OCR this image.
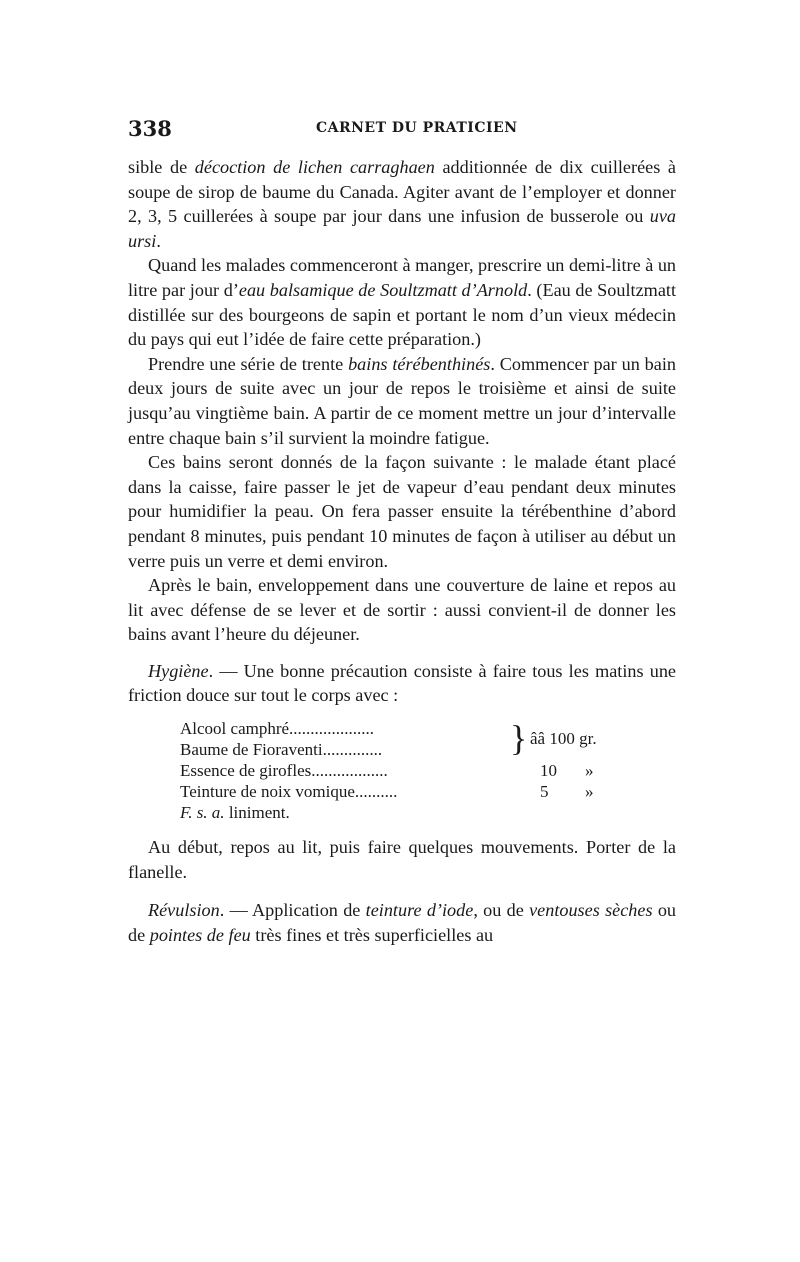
338	CARNET DU PRATICIEN

sible de décoction de lichen carraghaen additionnée de dix cuillerées à soupe de sirop de baume du Canada. Agiter avant de l’employer et donner 2, 3, 5 cuillerées à soupe par jour dans une infusion de busserole ou uva ursi.

Quand les malades commenceront à manger, prescrire un demi-litre à un litre par jour d’eau balsamique de Soultzmatt d’Arnold. (Eau de Soultzmatt distillée sur des bourgeons de sapin et portant le nom d’un vieux médecin du pays qui eut l’idée de faire cette préparation.)

Prendre une série de trente bains térébenthinés. Commencer par un bain deux jours de suite avec un jour de repos le troisième et ainsi de suite jusqu’au vingtième bain. A partir de ce moment mettre un jour d’intervalle entre chaque bain s’il survient la moindre fatigue.

Ces bains seront donnés de la façon suivante : le malade étant placé dans la caisse, faire passer le jet de vapeur d’eau pendant deux minutes pour humidifier la peau. On fera passer ensuite la térébenthine d’abord pendant 8 minutes, puis pendant 10 minutes de façon à utiliser au début un verre puis un verre et demi environ.

Après le bain, enveloppement dans une couverture de laine et repos au lit avec défense de se lever et de sortir : aussi convient-il de donner les bains avant l’heure du déjeuner.

Hygiène. — Une bonne précaution consiste à faire tous les matins une friction douce sur tout le corps avec :

Alcool camphré....................
Baume de Fioraventi..............	} ââ 100 gr.
Essence de girofles..................	10 »
Teinture de noix vomique..........	5 »
F. s. a. liniment.

Au début, repos au lit, puis faire quelques mouvements. Porter de la flanelle.

Révulsion. — Application de teinture d’iode, ou de ventouses sèches ou de pointes de feu très fines et très superficielles au
